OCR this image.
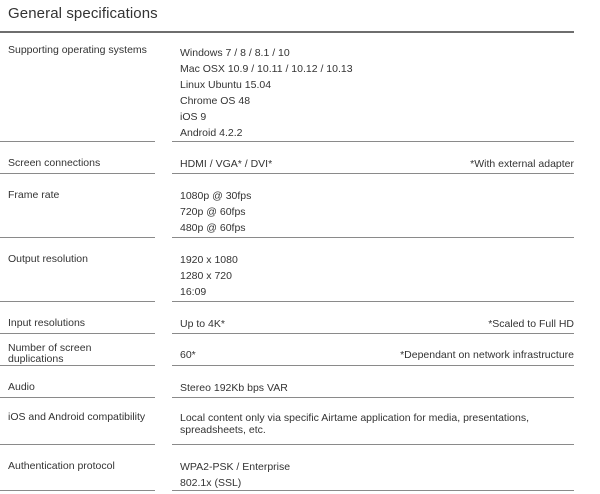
General specifications
Supporting operating systems	Windows 7 / 8 / 8.1 / 10
Mac OSX 10.9 / 10.11 / 10.12 / 10.13
Linux Ubuntu 15.04
Chrome OS 48
iOS 9
Android 4.2.2
Screen connections	HDMI / VGA* / DVI*	*With external adapter
Frame rate	1080p @ 30fps
720p @ 60fps
480p @ 60fps
Output resolution	1920 x 1080
1280 x 720
16:09
Input resolutions	Up to 4K*	*Scaled to Full HD
Number of screen duplications	60*	*Dependant on network infrastructure
Audio	Stereo 192Kb bps VAR
iOS and Android compatibility	Local content only via specific Airtame application for media, presentations, spreadsheets, etc.
Authentication protocol	WPA2-PSK / Enterprise
802.1x (SSL)
